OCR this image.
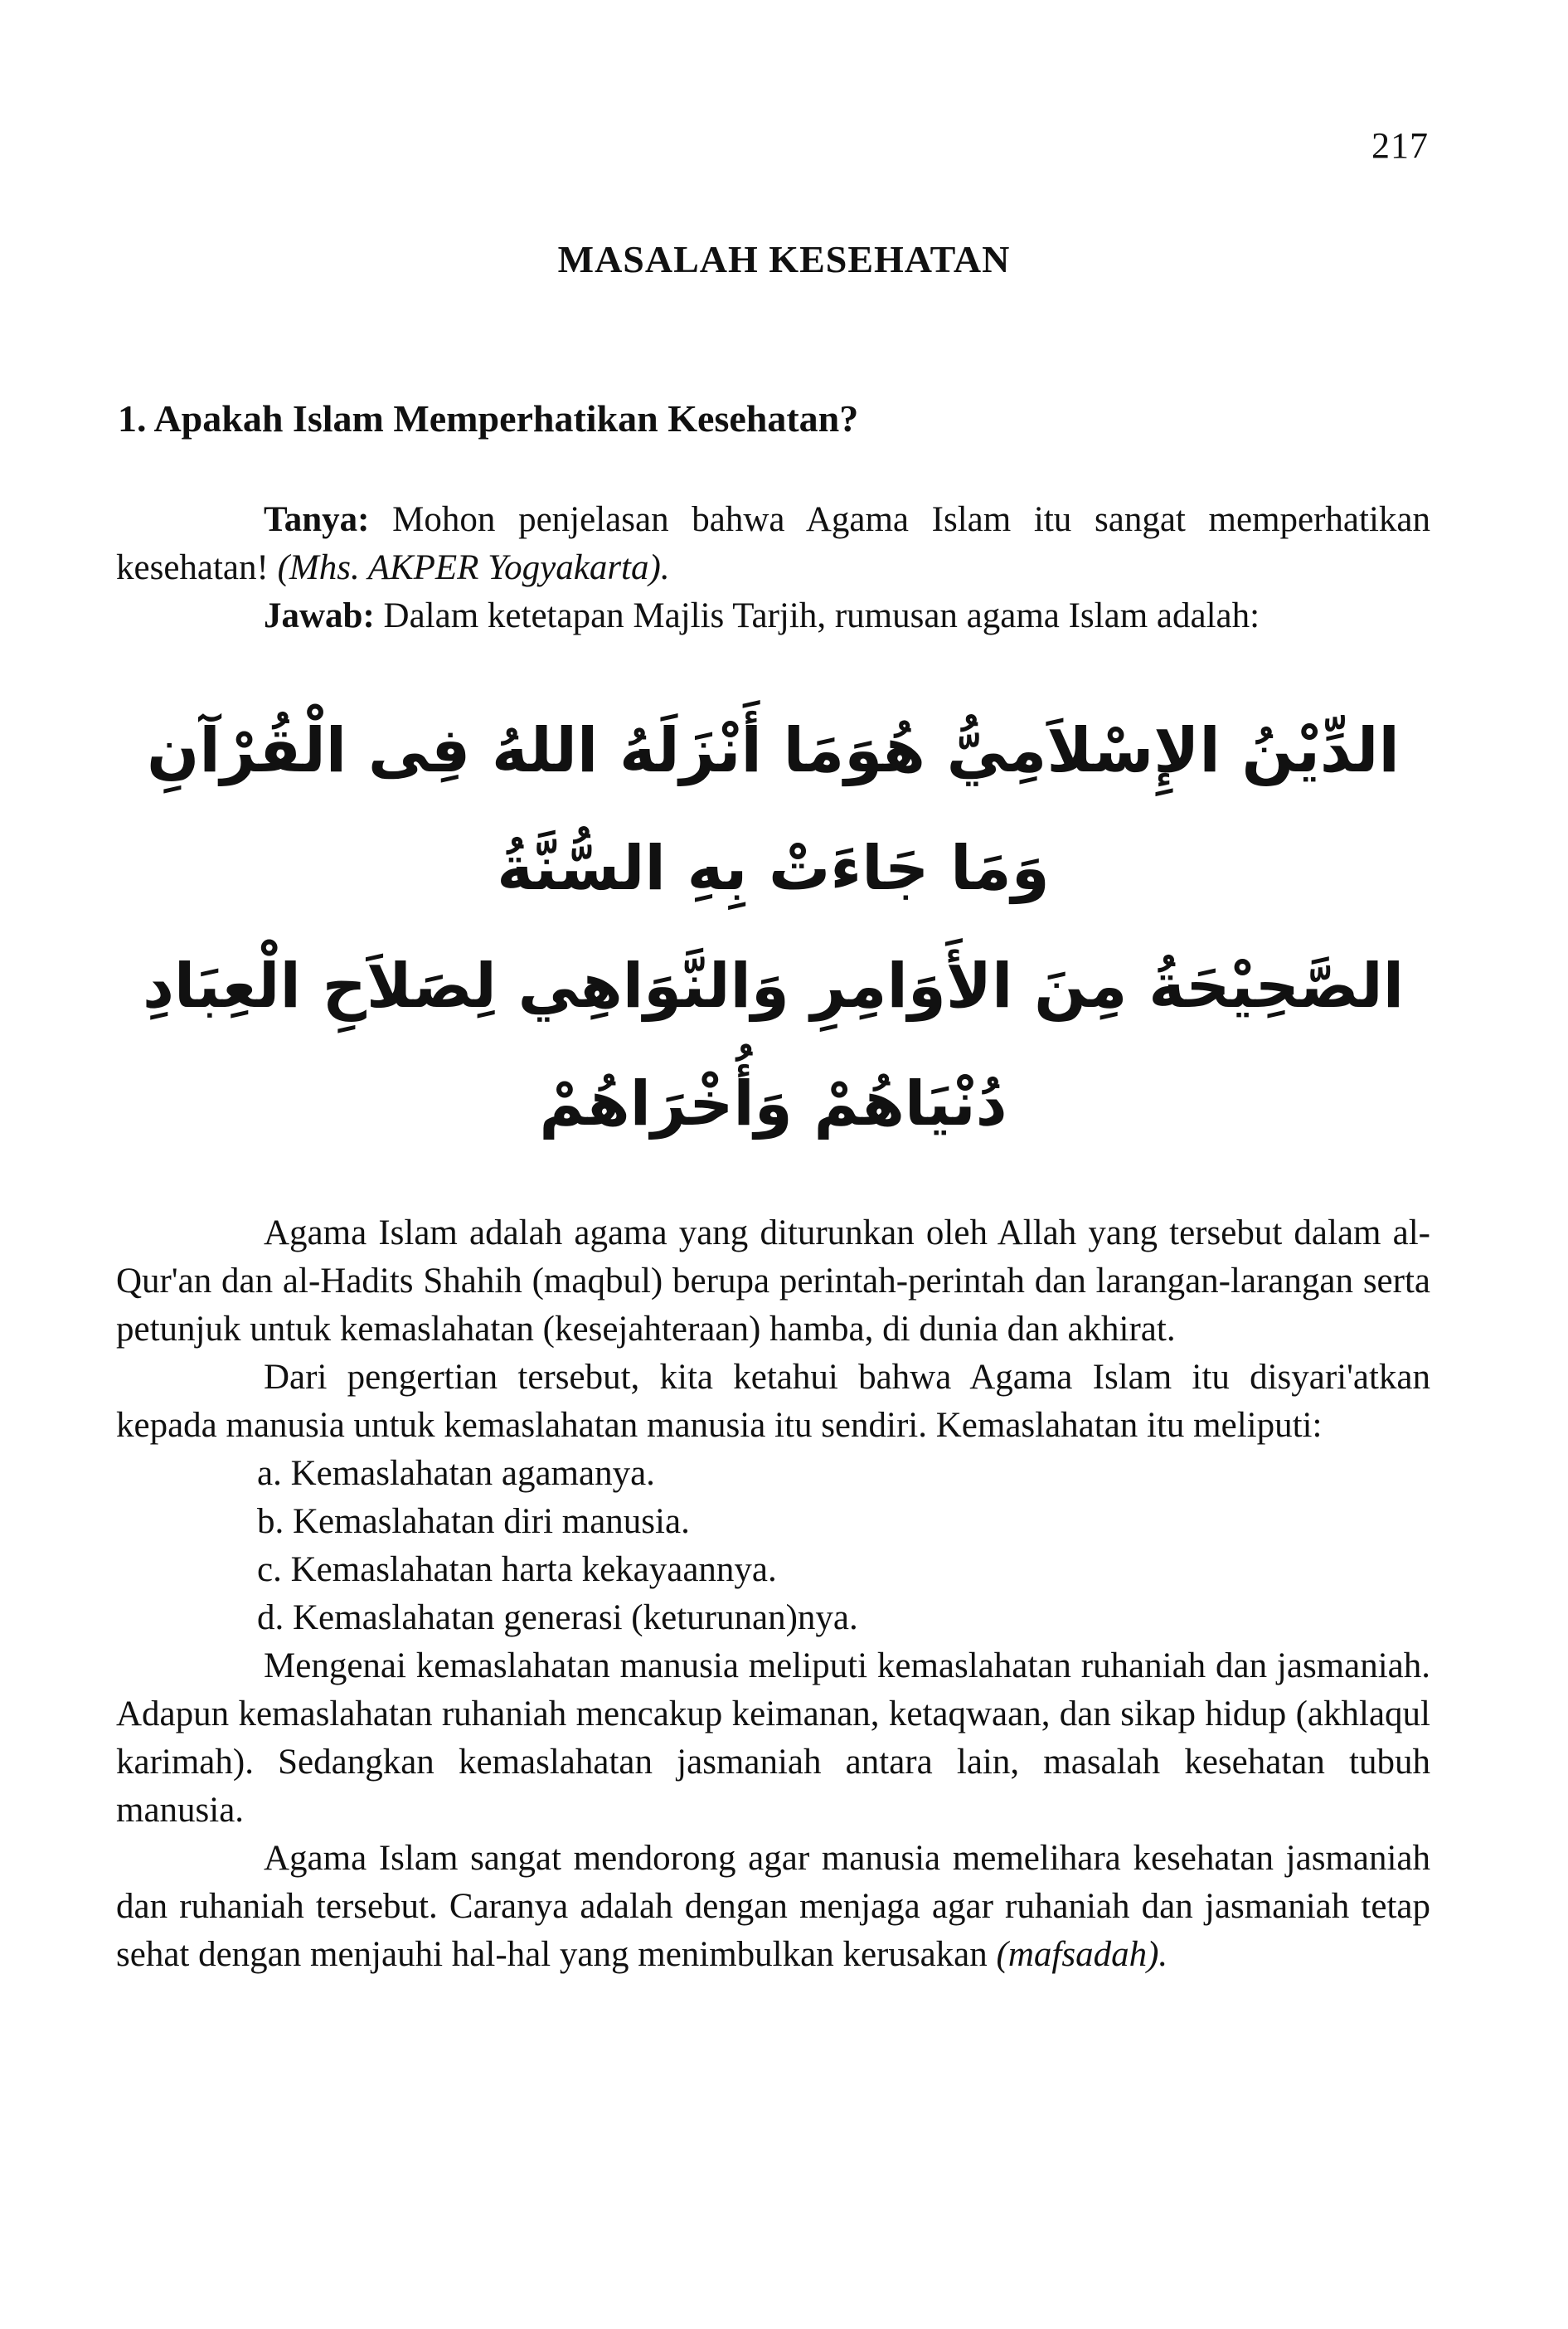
217
MASALAH KESEHATAN
1. Apakah Islam Memperhatikan Kesehatan?

Tanya: Mohon penjelasan bahwa Agama Islam itu sangat memperhatikan kesehatan! (Mhs. AKPER Yogyakarta).

Jawab: Dalam ketetapan Majlis Tarjih, rumusan agama Islam adalah:

الدِّيْنُ الإِسْلاَمِيُّ هُوَمَا أَنْزَلَهُ اللهُ فِى الْقُرْآنِ وَمَا جَاءَتْ بِهِ السُّنَّةُ
الصَّحِيْحَةُ مِنَ الأَوَامِرِ وَالنَّوَاهِي لِصَلاَحِ الْعِبَادِ دُنْيَاهُمْ وَأُخْرَاهُمْ

Agama Islam adalah agama yang diturunkan oleh Allah yang tersebut dalam al-Qur'an dan al-Hadits Shahih (maqbul) berupa perintah-perintah dan larangan-larangan serta petunjuk untuk kemaslahatan (kesejahteraan) hamba, di dunia dan akhirat.

Dari pengertian tersebut, kita ketahui bahwa Agama Islam itu disyari'atkan kepada manusia untuk kemaslahatan manusia itu sendiri. Kemaslahatan itu meliputi:

a. Kemaslahatan agamanya.
b. Kemaslahatan diri manusia.
c. Kemaslahatan harta kekayaannya.
d. Kemaslahatan generasi (keturunan)nya.

Mengenai kemaslahatan manusia meliputi kemaslahatan ruhaniah dan jasmaniah. Adapun kemaslahatan ruhaniah mencakup keimanan, ketaqwaan, dan sikap hidup (akhlaqul karimah). Sedangkan kemaslahatan jasmaniah antara lain, masalah kesehatan tubuh manusia.

Agama Islam sangat mendorong agar manusia memelihara kesehatan jasmaniah dan ruhaniah tersebut. Caranya adalah dengan menjaga agar ruhaniah dan jasmaniah tetap sehat dengan menjauhi hal-hal yang menimbulkan kerusakan (mafsadah).
